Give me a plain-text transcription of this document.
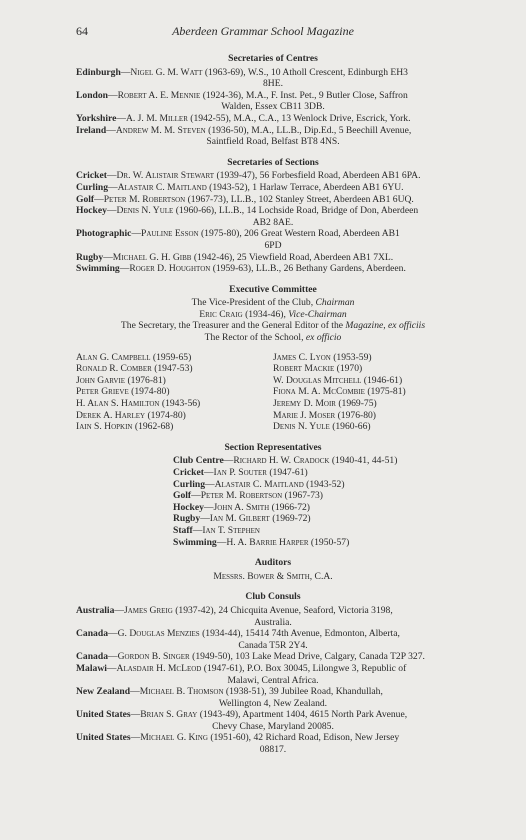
64	Aberdeen Grammar School Magazine
Secretaries of Centres
Edinburgh—Nigel G. M. Watt (1963-69), W.S., 10 Atholl Crescent, Edinburgh EH3
8HE.
London—Robert A. E. Mennie (1924-36), M.A., F. Inst. Pet., 9 Butler Close, Saffron
Walden, Essex CB11 3DB.
Yorkshire—A. J. M. Miller (1942-55), M.A., C.A., 13 Wenlock Drive, Escrick, York.
Ireland—Andrew M. M. Steven (1936-50), M.A., LL.B., Dip.Ed., 5 Beechill Avenue,
Saintfield Road, Belfast BT8 4NS.
Secretaries of Sections
Cricket—Dr. W. Alistair Stewart (1939-47), 56 Forbesfield Road, Aberdeen AB1 6PA.
Curling—Alastair C. Maitland (1943-52), 1 Harlaw Terrace, Aberdeen AB1 6YU.
Golf—Peter M. Robertson (1967-73), LL.B., 102 Stanley Street, Aberdeen AB1 6UQ.
Hockey—Denis N. Yule (1960-66), LL.B., 14 Lochside Road, Bridge of Don, Aberdeen
AB2 8AE.
Photographic—Pauline Esson (1975-80), 206 Great Western Road, Aberdeen AB1
6PD
Rugby—Michael G. H. Gibb (1942-46), 25 Viewfield Road, Aberdeen AB1 7XL.
Swimming—Roger D. Houghton (1959-63), LL.B., 26 Bethany Gardens, Aberdeen.
Executive Committee
The Vice-President of the Club, Chairman
Eric Craig (1934-46), Vice-Chairman
The Secretary, the Treasurer and the General Editor of the Magazine, ex officiis
The Rector of the School, ex officio
Alan G. Campbell (1959-65)
Ronald R. Comber (1947-53)
John Garvie (1976-81)
Peter Grieve (1974-80)
H. Alan S. Hamilton (1943-56)
Derek A. Harley (1974-80)
Iain S. Hopkin (1962-68)
James C. Lyon (1953-59)
Robert Mackie (1970)
W. Douglas Mitchell (1946-61)
Fiona M. A. McCombie (1975-81)
Jeremy D. Moir (1969-75)
Marie J. Moser (1976-80)
Denis N. Yule (1960-66)
Section Representatives
Club Centre—Richard H. W. Cradock (1940-41, 44-51)
Cricket—Ian P. Souter (1947-61)
Curling—Alastair C. Maitland (1943-52)
Golf—Peter M. Robertson (1967-73)
Hockey—John A. Smith (1966-72)
Rugby—Ian M. Gilbert (1969-72)
Staff—Ian T. Stephen
Swimming—H. A. Barrie Harper (1950-57)
Auditors
Messrs. Bower & Smith, C.A.
Club Consuls
Australia—James Greig (1937-42), 24 Chicquita Avenue, Seaford, Victoria 3198,
Australia.
Canada—G. Douglas Menzies (1934-44), 15414 74th Avenue, Edmonton, Alberta,
Canada T5R 2Y4.
Canada—Gordon B. Singer (1949-50), 103 Lake Mead Drive, Calgary, Canada T2P 327.
Malawi—Alasdair H. McLeod (1947-61), P.O. Box 30045, Lilongwe 3, Republic of
Malawi, Central Africa.
New Zealand—Michael B. Thomson (1938-51), 39 Jubilee Road, Khandullah,
Wellington 4, New Zealand.
United States—Brian S. Gray (1943-49), Apartment 1404, 4615 North Park Avenue,
Chevy Chase, Maryland 20085.
United States—Michael G. King (1951-60), 42 Richard Road, Edison, New Jersey
08817.
